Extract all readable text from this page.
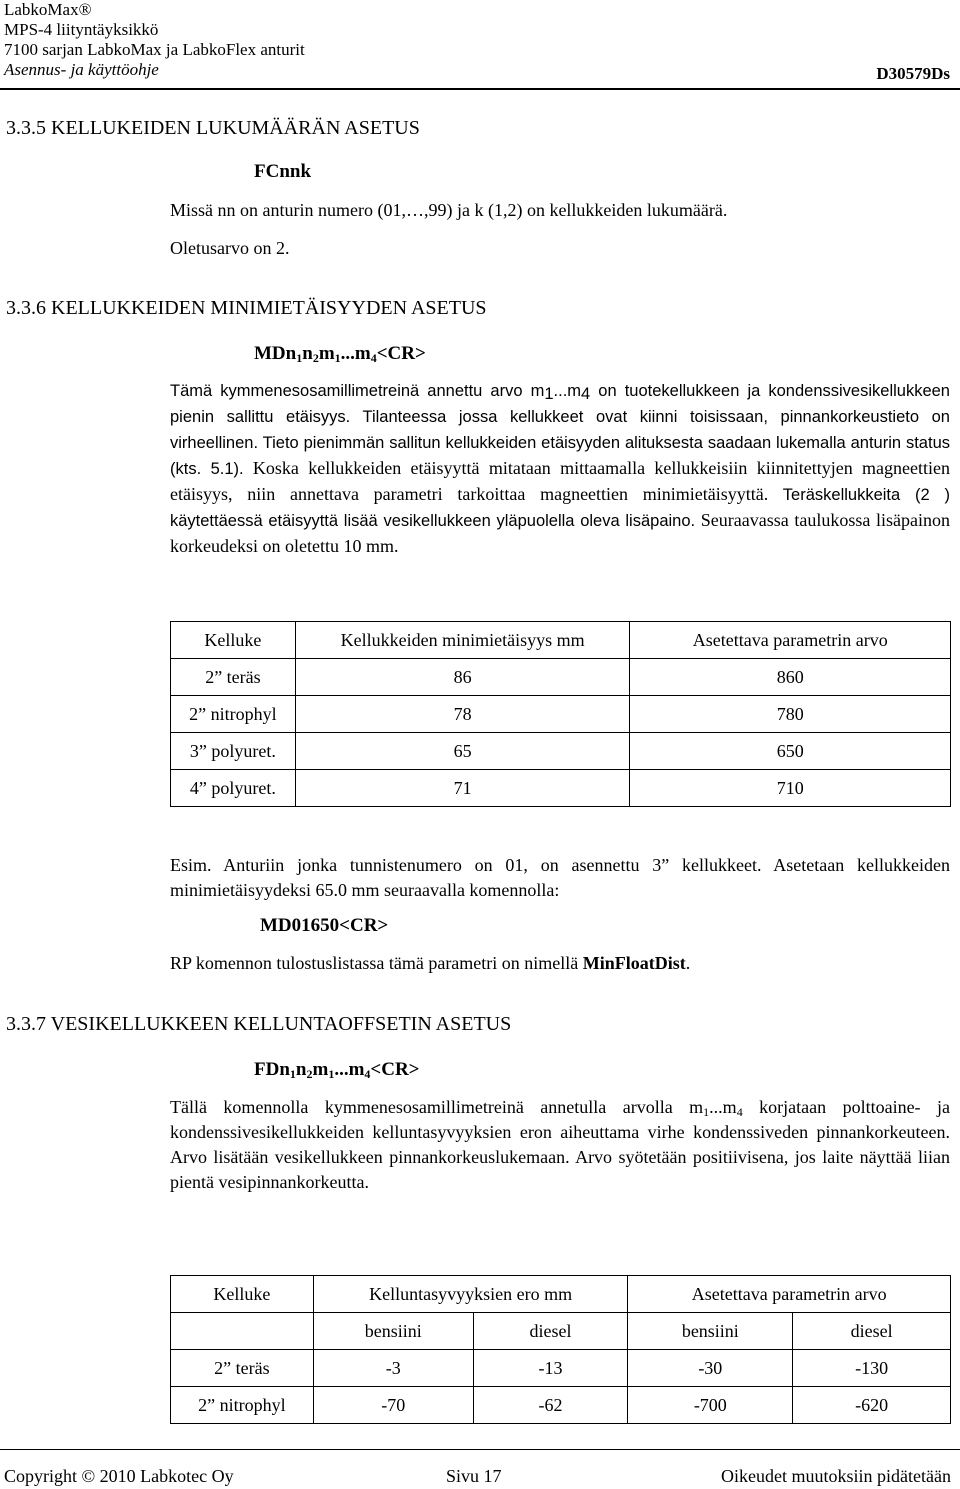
LabkoMax®
MPS-4 liityntäyksikkö
7100 sarjan LabkoMax ja LabkoFlex anturit
Asennus- ja käyttöohje	D30579Ds
3.3.5 KELLUKEIDEN LUKUMÄÄRÄN ASETUS
FCnnk
Missä nn on anturin numero (01,…,99) ja k (1,2) on kellukkeiden lukumäärä.
Oletusarvo on 2.
3.3.6 KELLUKKEIDEN MINIMIETÄISYYDEN ASETUS
$MDn_1n_2m_1...m_4<CR>$
Tämä kymmenesosamillimetreinä annettu arvo $m_1...m_4$ on tuotekellukkeen ja kondenssivesikellukkeen pienin sallittu etäisyys. Tilanteessa jossa kellukkeet ovat kiinni toisissaan, pinnankorkeustieto on virheellinen. Tieto pienimmän sallitun kellukkeiden etäisyyden alituksesta saadaan lukemalla anturin status (kts. 5.1). Koska kellukkeiden etäisyyttä mitataan mittaamalla kellukkeisiin kiinnitettyjen magneettien etäisyys, niin annettava parametri tarkoittaa magneettien minimietäisyyttä. Teräskellukkeita (2 ) käytettäessä etäisyyttä lisää vesikellukkeen yläpuolella oleva lisäpaino. Seuraavassa taulukossa lisäpainon korkeudeksi on oletettu 10 mm.
Kelluke	Kellukkeiden minimietäisyys mm	Asetettava parametrin arvo
2” teräs	86	860
2” nitrophyl	78	780
3” polyuret.	65	650
4” polyuret.	71	710
Esim. Anturiin jonka tunnistenumero on 01, on asennettu 3” kellukkeet. Asetetaan kellukkeiden minimietäisyydeksi 65.0 mm seuraavalla komennolla:
MD01650<CR>
RP komennon tulostuslistassa tämä parametri on nimellä MinFloatDist.
3.3.7 VESIKELLUKKEEN KELLUNTAOFFSETIN ASETUS
$FDn_1n_2m_1...m_4<CR>$
Tällä komennolla kymmenesosamillimetreinä annetulla arvolla $m_1...m_4$ korjataan polttoaine- ja kondenssivesikellukkeiden kelluntasyvyyksien eron aiheuttama virhe kondenssiveden pinnankorkeuteen. Arvo lisätään vesikellukkeen pinnankorkeuslukemaan. Arvo syötetään positiivisena, jos laite näyttää liian pientä vesipinnankorkeutta.
Kelluke	Kelluntasyvyyksien ero mm		Asetettava parametrin arvo	
	bensiini	diesel	bensiini	diesel
2” teräs	-3	-13	-30	-130
2” nitrophyl	-70	-62	-700	-620
Copyright © 2010 Labkotec Oy	Sivu 17	Oikeudet muutoksiin pidätetään
